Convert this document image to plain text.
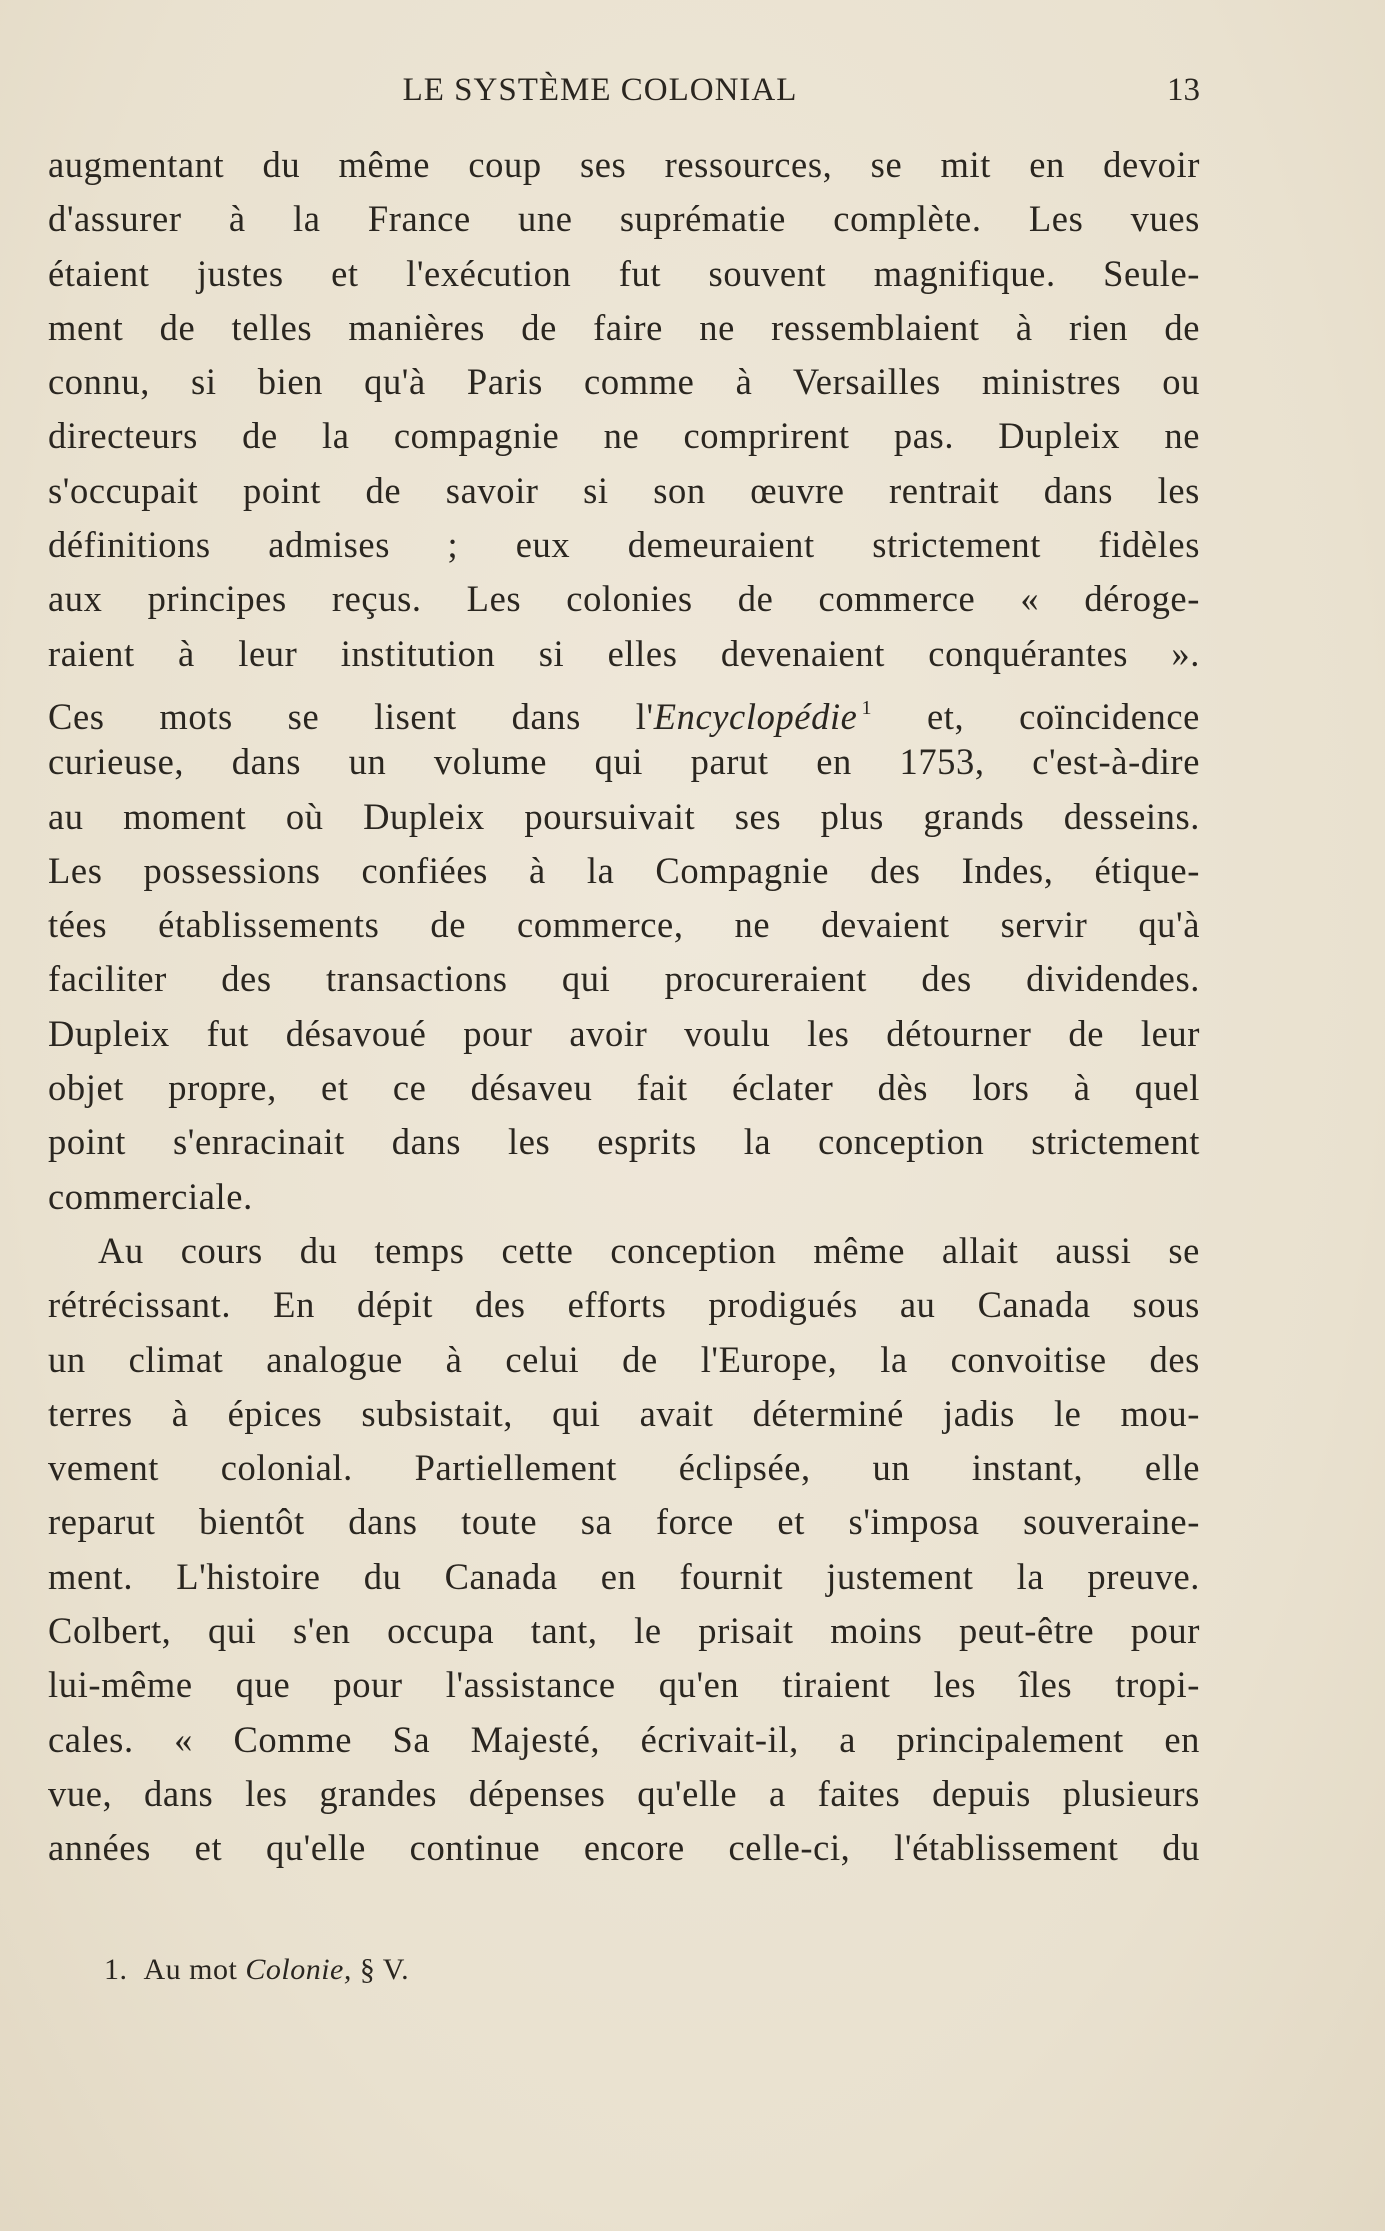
LE SYSTÈME COLONIAL	13
augmentant du même coup ses ressources, se mit en devoir
d'assurer à la France une suprématie complète. Les vues
étaient justes et l'exécution fut souvent magnifique. Seule-
ment de telles manières de faire ne ressemblaient à rien de
connu, si bien qu'à Paris comme à Versailles ministres ou
directeurs de la compagnie ne comprirent pas. Dupleix ne
s'occupait point de savoir si son œuvre rentrait dans les
définitions admises ; eux demeuraient strictement fidèles
aux principes reçus. Les colonies de commerce « déroge-
raient à leur institution si elles devenaient conquérantes ».
Ces mots se lisent dans l'Encyclopédie $^1$ et, coïncidence
curieuse, dans un volume qui parut en 1753, c'est-à-dire
au moment où Dupleix poursuivait ses plus grands desseins.
Les possessions confiées à la Compagnie des Indes, étique-
tées établissements de commerce, ne devaient servir qu'à
faciliter des transactions qui procureraient des dividendes.
Dupleix fut désavoué pour avoir voulu les détourner de leur
objet propre, et ce désaveu fait éclater dès lors à quel
point s'enracinait dans les esprits la conception strictement
commerciale.
Au cours du temps cette conception même allait aussi se
rétrécissant. En dépit des efforts prodigués au Canada sous
un climat analogue à celui de l'Europe, la convoitise des
terres à épices subsistait, qui avait déterminé jadis le mou-
vement colonial. Partiellement éclipsée, un instant, elle
reparut bientôt dans toute sa force et s'imposa souveraine-
ment. L'histoire du Canada en fournit justement la preuve.
Colbert, qui s'en occupa tant, le prisait moins peut-être pour
lui-même que pour l'assistance qu'en tiraient les îles tropi-
cales. « Comme Sa Majesté, écrivait-il, a principalement en
vue, dans les grandes dépenses qu'elle a faites depuis plusieurs
années et qu'elle continue encore celle-ci, l'établissement du
1. Au mot Colonie, § V.
